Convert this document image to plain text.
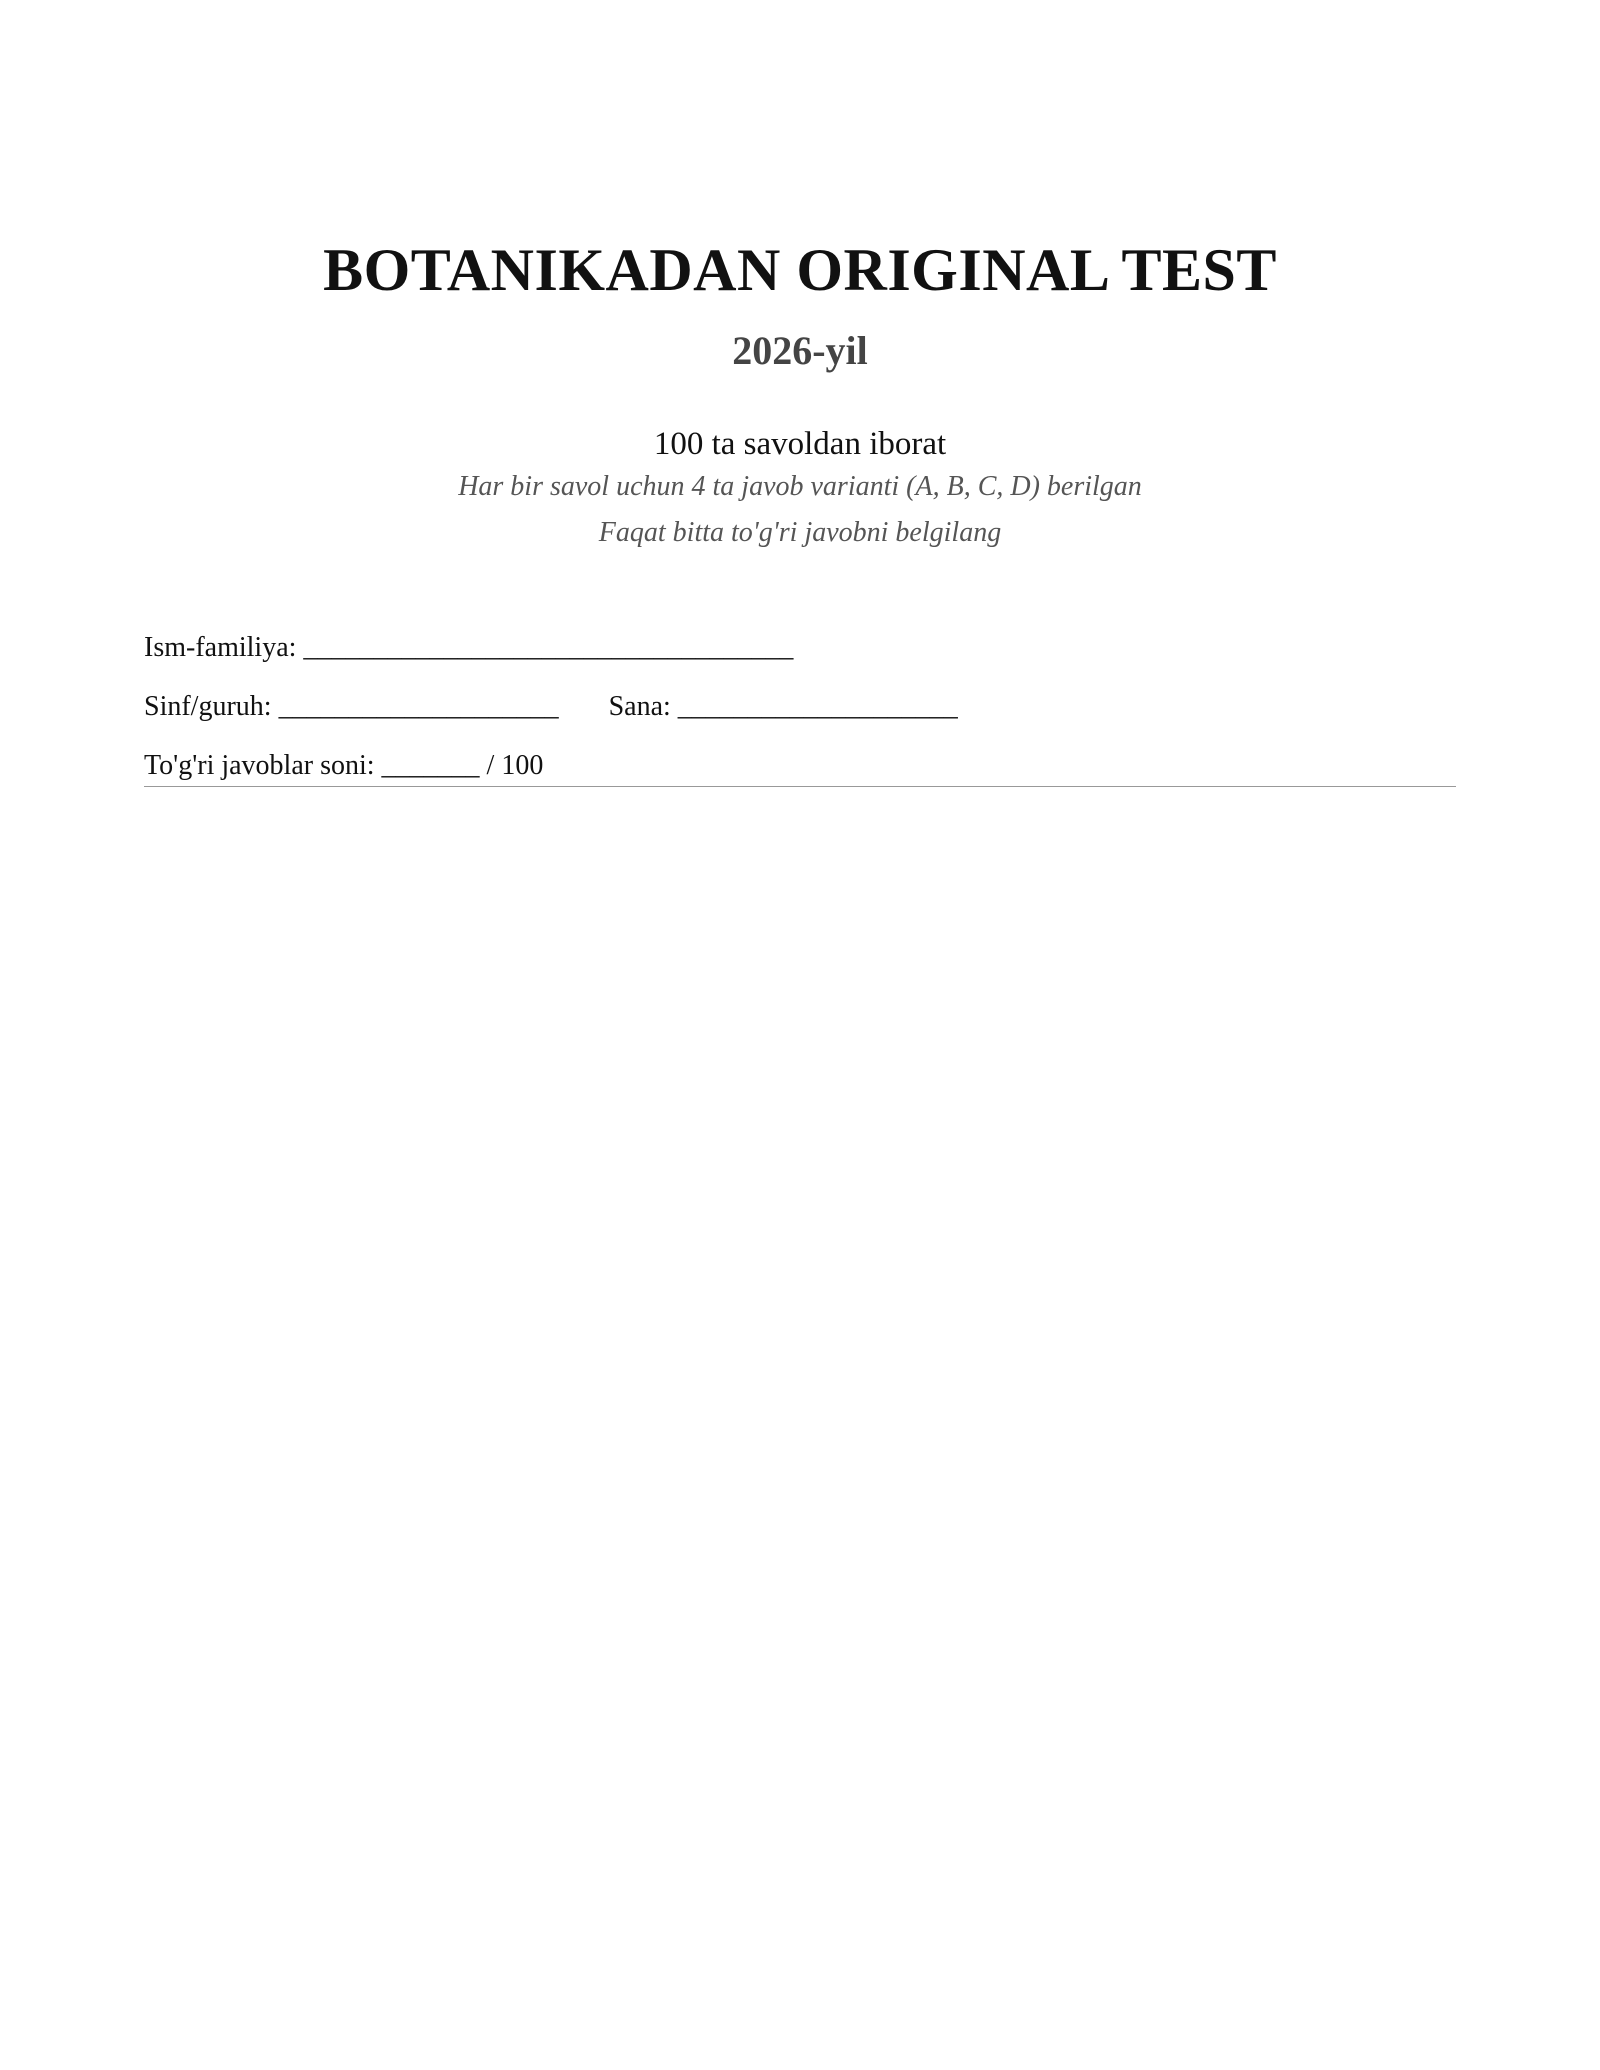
BOTANIKADAN ORIGINAL TEST
2026-yil
100 ta savoldan iborat
Har bir savol uchun 4 ta javob varianti (A, B, C, D) berilgan
Faqat bitta to'g'ri javobni belgilang
Ism-familiya: ___________________________________
Sinf/guruh: ____________________ Sana: ____________________
To'g'ri javoblar soni: _______ / 100
